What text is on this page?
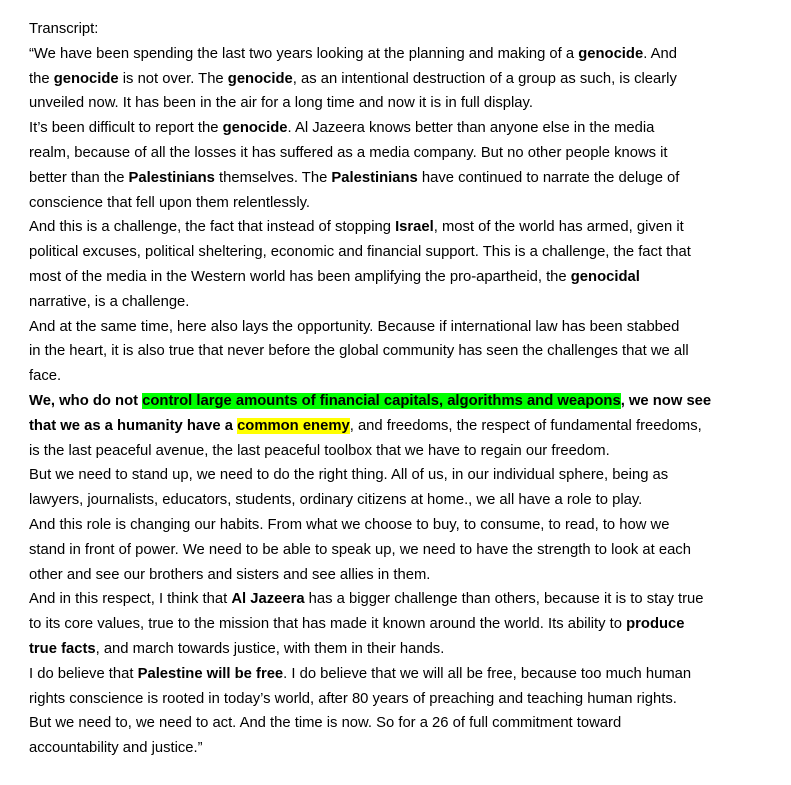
Transcript:
“We have been spending the last two years looking at the planning and making of a genocide. And
the genocide is not over. The genocide, as an intentional destruction of a group as such, is clearly
unveiled now. It has been in the air for a long time and now it is in full display.
It’s been difficult to report the genocide. Al Jazeera knows better than anyone else in the media
realm, because of all the losses it has suffered as a media company. But no other people knows it
better than the Palestinians themselves. The Palestinians have continued to narrate the deluge of
conscience that fell upon them relentlessly.
And this is a challenge, the fact that instead of stopping Israel, most of the world has armed, given it
political excuses, political sheltering, economic and financial support. This is a challenge, the fact that
most of the media in the Western world has been amplifying the pro-apartheid, the genocidal
narrative, is a challenge.
And at the same time, here also lays the opportunity. Because if international law has been stabbed
in the heart, it is also true that never before the global community has seen the challenges that we all
face.
We, who do not control large amounts of financial capitals, algorithms and weapons, we now see
that we as a humanity have a common enemy, and freedoms, the respect of fundamental freedoms,
is the last peaceful avenue, the last peaceful toolbox that we have to regain our freedom.
But we need to stand up, we need to do the right thing. All of us, in our individual sphere, being as
lawyers, journalists, educators, students, ordinary citizens at home., we all have a role to play.
And this role is changing our habits. From what we choose to buy, to consume, to read, to how we
stand in front of power. We need to be able to speak up, we need to have the strength to look at each
other and see our brothers and sisters and see allies in them.
And in this respect, I think that Al Jazeera has a bigger challenge than others, because it is to stay true
to its core values, true to the mission that has made it known around the world. Its ability to produce
true facts, and march towards justice, with them in their hands.
I do believe that Palestine will be free. I do believe that we will all be free, because too much human
rights conscience is rooted in today’s world, after 80 years of preaching and teaching human rights.
But we need to, we need to act. And the time is now. So for a 26 of full commitment toward
accountability and justice.”
